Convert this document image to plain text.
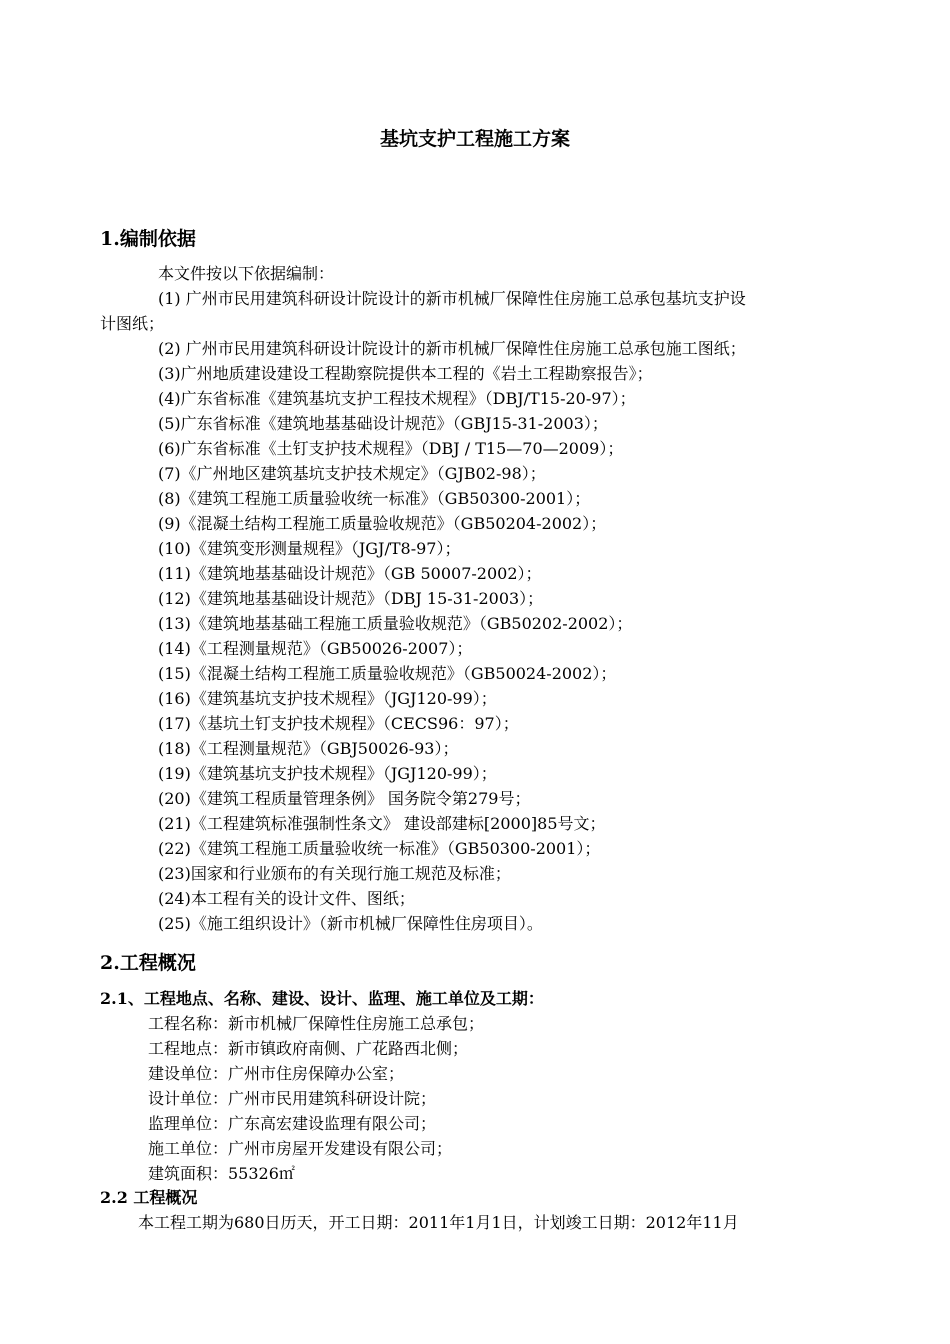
基坑支护工程施工方案
1.编制依据
本文件按以下依据编制：
(1) 广州市民用建筑科研设计院设计的新市机械厂保障性住房施工总承包基坑支护设
计图纸；
(2) 广州市民用建筑科研设计院设计的新市机械厂保障性住房施工总承包施工图纸；
(3)广州地质建设建设工程勘察院提供本工程的《岩土工程勘察报告》；
(4)广东省标准《建筑基坑支护工程技术规程》（DBJ/T15-20-97）；
(5)广东省标准《建筑地基基础设计规范》（GBJ15-31-2003）；
(6)广东省标准《土钉支护技术规程》（DBJ / T15—70—2009）；
(7)《广州地区建筑基坑支护技术规定》（GJB02-98）；
(8)《建筑工程施工质量验收统一标准》（GB50300-2001）；
(9)《混凝土结构工程施工质量验收规范》（GB50204-2002）；
(10)《建筑变形测量规程》（JGJ/T8-97）；
(11)《建筑地基基础设计规范》（GB 50007-2002）；
(12)《建筑地基基础设计规范》（DBJ 15-31-2003）；
(13)《建筑地基基础工程施工质量验收规范》（GB50202-2002）；
(14)《工程测量规范》（GB50026-2007）；
(15)《混凝土结构工程施工质量验收规范》（GB50024-2002）；
(16)《建筑基坑支护技术规程》（JGJ120-99）；
(17)《基坑土钉支护技术规程》（CECS96：97）；
(18)《工程测量规范》（GBJ50026-93）；
(19)《建筑基坑支护技术规程》（JGJ120-99）；
(20)《建筑工程质量管理条例》 国务院令第279号；
(21)《工程建筑标准强制性条文》 建设部建标[2000]85号文；
(22)《建筑工程施工质量验收统一标准》（GB50300-2001）；
(23)国家和行业颁布的有关现行施工规范及标准；
(24)本工程有关的设计文件、图纸；
(25)《施工组织设计》（新市机械厂保障性住房项目）。
2.工程概况
2.1、工程地点、名称、建设、设计、监理、施工单位及工期：
工程名称：新市机械厂保障性住房施工总承包；
工程地点：新市镇政府南侧、广花路西北侧；
建设单位：广州市住房保障办公室；
设计单位：广州市民用建筑科研设计院；
监理单位：广东高宏建设监理有限公司；
施工单位：广州市房屋开发建设有限公司；
建筑面积：55326㎡
2.2 工程概况
本工程工期为680日历天，开工日期：2011年1月1日，计划竣工日期：2012年11月
